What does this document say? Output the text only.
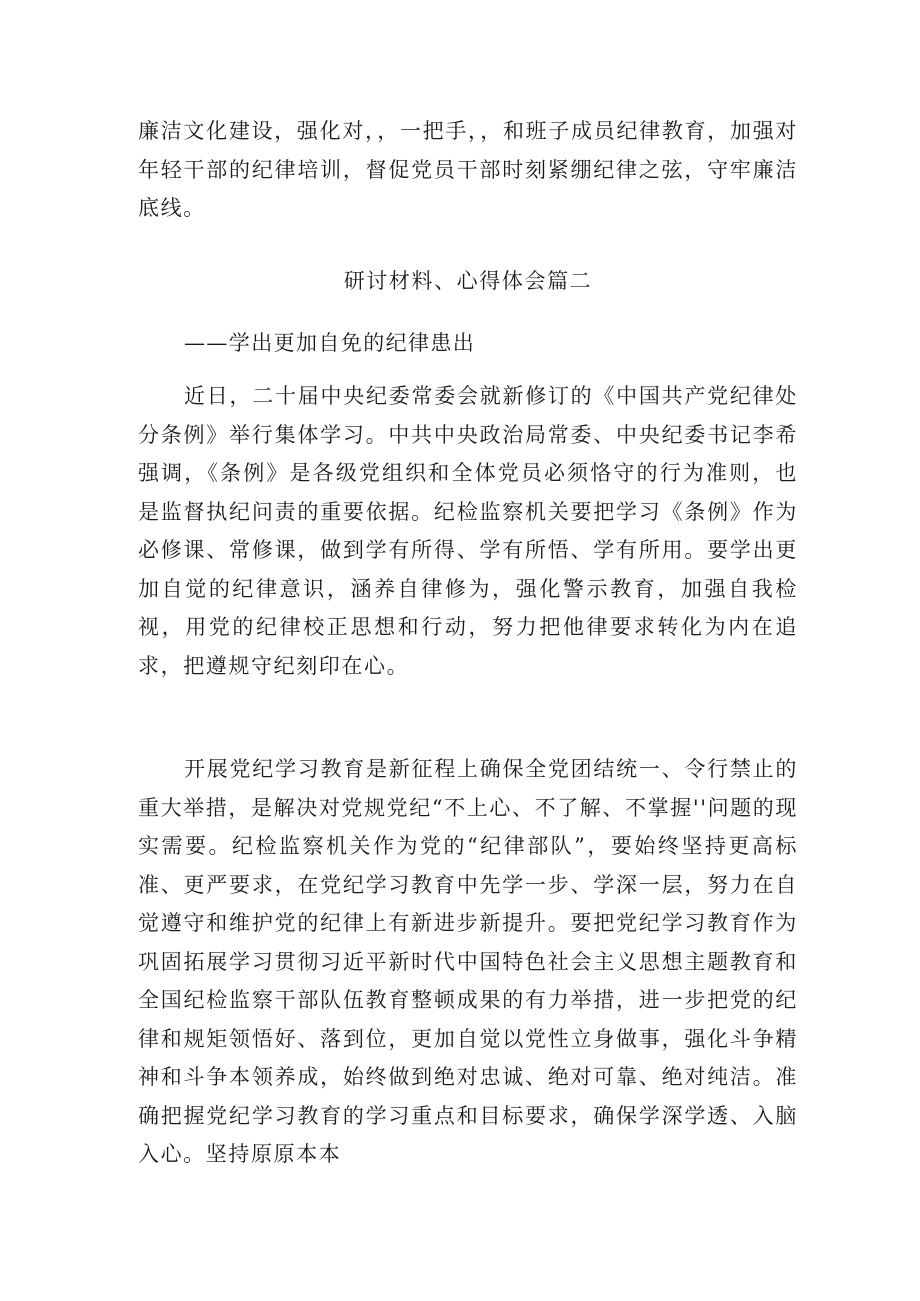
廉洁文化建设，强化对，，一把手，，和班子成员纪律教育，加强对年轻干部的纪律培训，督促党员干部时刻紧绷纪律之弦，守牢廉洁底线。

研讨材料、心得体会篇二

——学出更加自免的纪律患出

近日，二十届中央纪委常委会就新修订的《中国共产党纪律处分条例》举行集体学习。中共中央政治局常委、中央纪委书记李希强调，《条例》是各级党组织和全体党员必须恪守的行为准则，也是监督执纪问责的重要依据。纪检监察机关要把学习《条例》作为必修课、常修课，做到学有所得、学有所悟、学有所用。要学出更加自觉的纪律意识，涵养自律修为，强化警示教育，加强自我检视，用党的纪律校正思想和行动，努力把他律要求转化为内在追求，把遵规守纪刻印在心。

开展党纪学习教育是新征程上确保全党团结统一、令行禁止的重大举措，是解决对党规党纪“不上心、不了解、不掌握''问题的现实需要。纪检监察机关作为党的“纪律部队”，要始终坚持更高标准、更严要求，在党纪学习教育中先学一步、学深一层，努力在自觉遵守和维护党的纪律上有新进步新提升。要把党纪学习教育作为巩固拓展学习贯彻习近平新时代中国特色社会主义思想主题教育和全国纪检监察干部队伍教育整顿成果的有力举措，进一步把党的纪律和规矩领悟好、落到位，更加自觉以党性立身做事，强化斗争精神和斗争本领养成，始终做到绝对忠诚、绝对可靠、绝对纯洁。准确把握党纪学习教育的学习重点和目标要求，确保学深学透、入脑入心。坚持原原本本
